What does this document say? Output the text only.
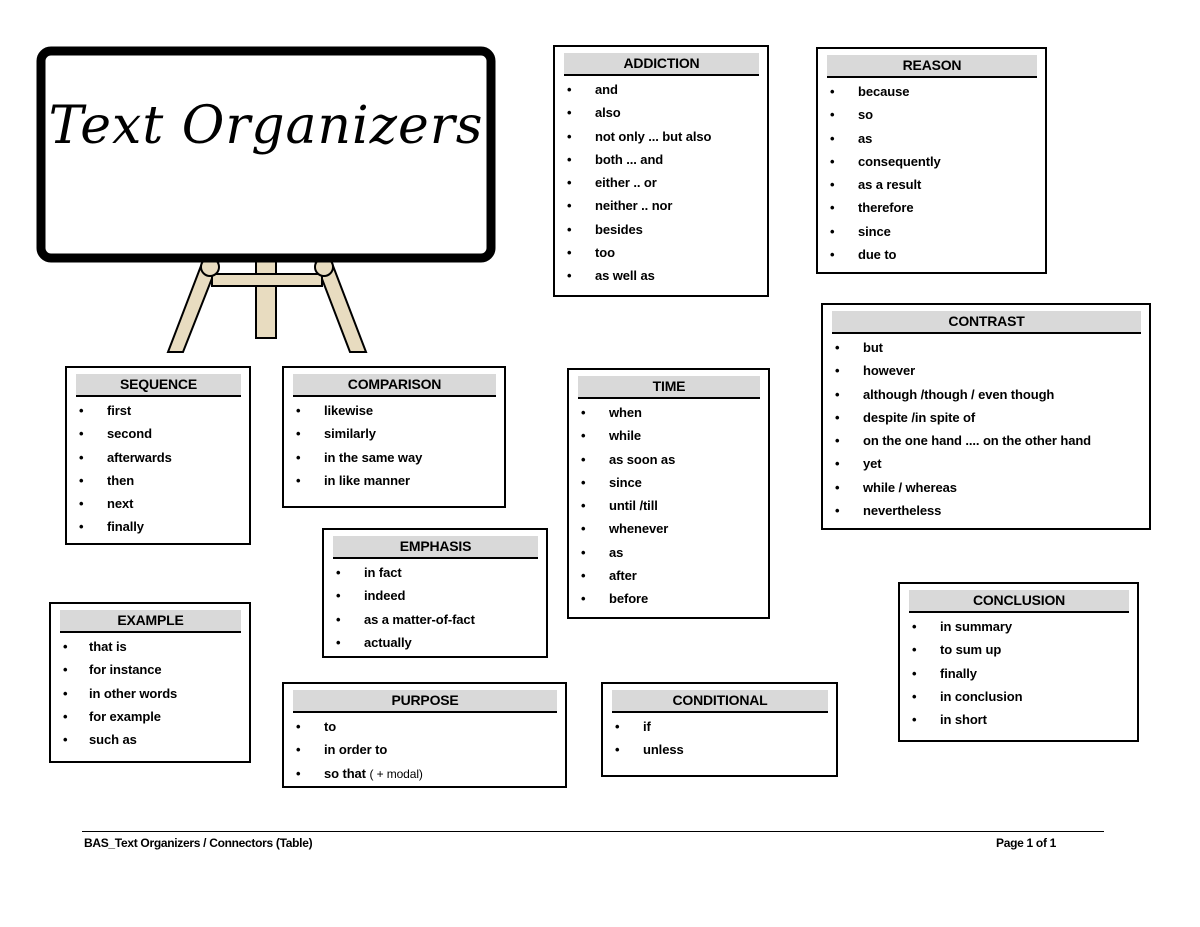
Text Organizers
ADDICTION
• and
• also
• not only ... but also
• both ... and
• either .. or
• neither .. nor
• besides
• too
• as well as
REASON
• because
• so
• as
• consequently
• as a result
• therefore
• since
• due to
CONTRAST
• but
• however
• although /though / even though
• despite /in spite of
• on the one hand .... on the other hand
• yet
• while / whereas
• nevertheless
SEQUENCE
• first
• second
• afterwards
• then
• next
• finally
COMPARISON
• likewise
• similarly
• in the same way
• in like manner
TIME
• when
• while
• as soon as
• since
• until /till
• whenever
• as
• after
• before
EMPHASIS
• in fact
• indeed
• as a matter-of-fact
• actually
EXAMPLE
• that is
• for instance
• in other words
• for example
• such as
PURPOSE
• to
• in order to
• so that ( + modal)
CONDITIONAL
• if
• unless
CONCLUSION
• in summary
• to sum up
• finally
• in conclusion
• in short
BAS_Text Organizers / Connectors (Table)	Page 1 of 1
